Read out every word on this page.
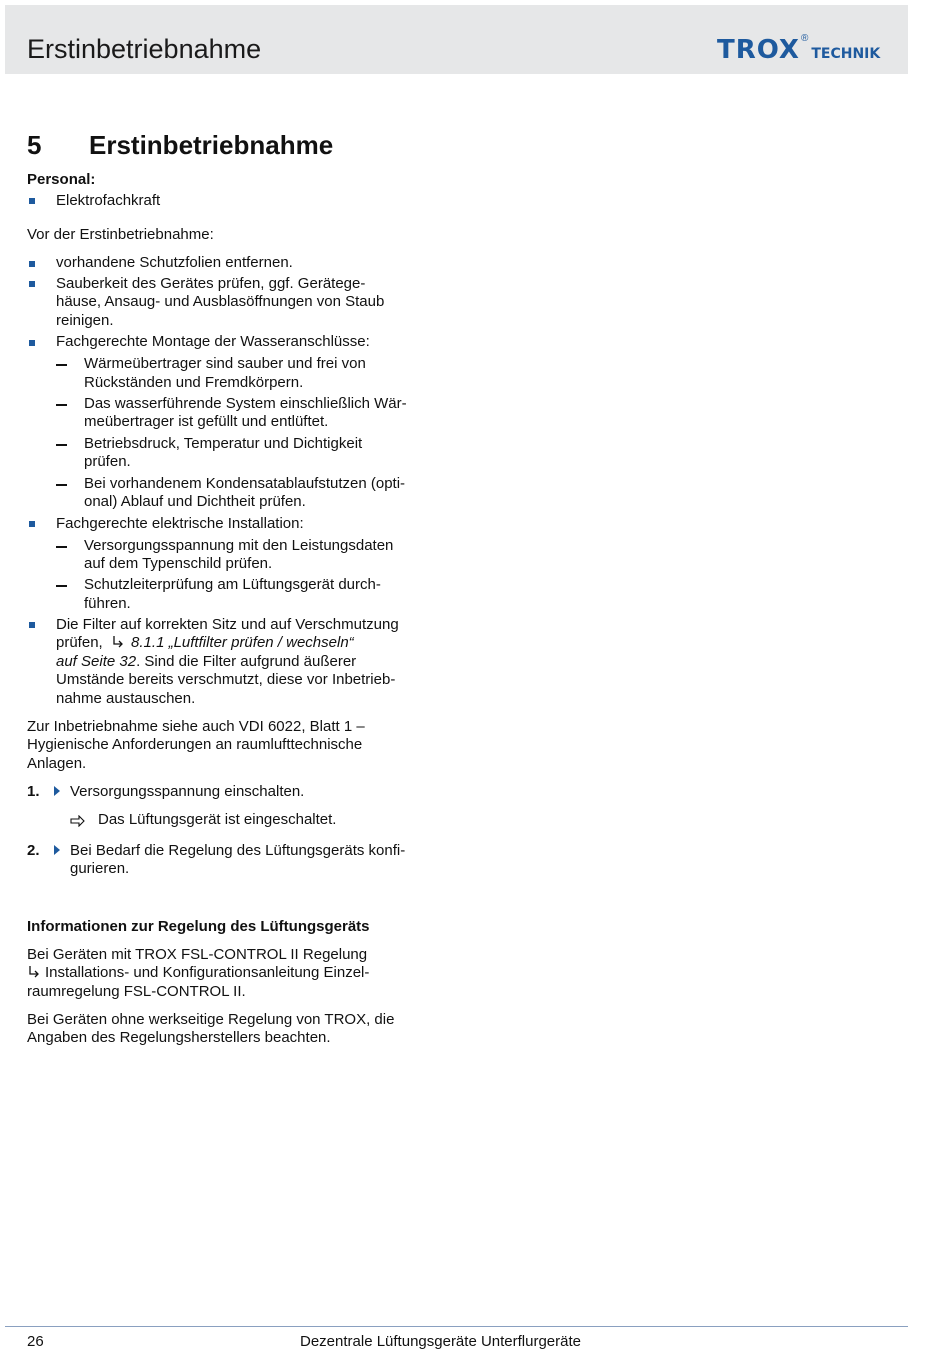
Erstinbetriebnahme	TROX®TECHNIK
5 Erstinbetriebnahme
Personal:
Elektrofachkraft
Vor der Erstinbetriebnahme:
vorhandene Schutzfolien entfernen.
Sauberkeit des Gerätes prüfen, ggf. Gerätege-
häuse, Ansaug- und Ausblasöffnungen von Staub
reinigen.
Fachgerechte Montage der Wasseranschlüsse:
Wärmeübertrager sind sauber und frei von
Rückständen und Fremdkörpern.
Das wasserführende System einschließlich Wär-
meübertrager ist gefüllt und entlüftet.
Betriebsdruck, Temperatur und Dichtigkeit
prüfen.
Bei vorhandenem Kondensatablaufstutzen (opti-
onal) Ablauf und Dichtheit prüfen.
Fachgerechte elektrische Installation:
Versorgungsspannung mit den Leistungsdaten
auf dem Typenschild prüfen.
Schutzleiterprüfung am Lüftungsgerät durch-
führen.
Die Filter auf korrekten Sitz und auf Verschmutzung
prüfen, 8.1.1 „Luftfilter prüfen / wechseln“
auf Seite 32. Sind die Filter aufgrund äußerer
Umstände bereits verschmutzt, diese vor Inbetrieb-
nahme austauschen.
Zur Inbetriebnahme siehe auch VDI 6022, Blatt 1 –
Hygienische Anforderungen an raumlufttechnische
Anlagen.
1. Versorgungsspannung einschalten.
Das Lüftungsgerät ist eingeschaltet.
2. Bei Bedarf die Regelung des Lüftungsgeräts konfi-
gurieren.
Informationen zur Regelung des Lüftungsgeräts
Bei Geräten mit TROX FSL-CONTROL II Regelung
Installations- und Konfigurationsanleitung Einzel-
raumregelung FSL-CONTROL II.
Bei Geräten ohne werkseitige Regelung von TROX, die
Angaben des Regelungsherstellers beachten.
26	Dezentrale Lüftungsgeräte Unterflurgeräte
